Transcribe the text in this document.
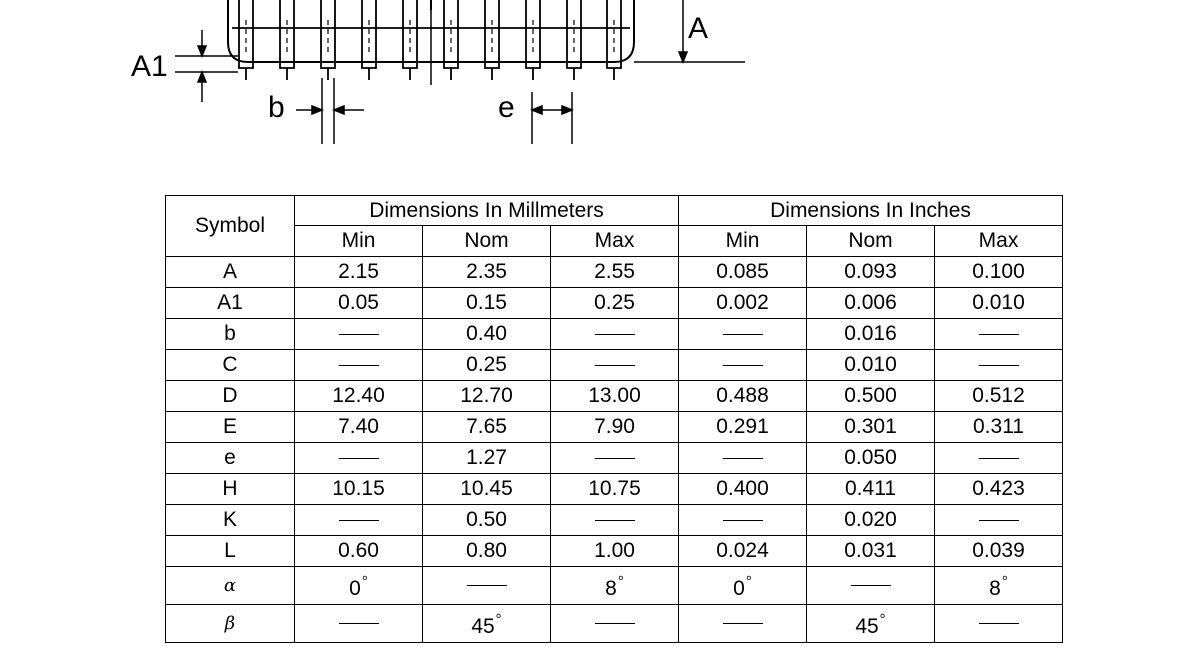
A
A1
b	e
Symbol	Dimensions In Millmeters			Dimensions In Inches		
	Min	Nom	Max	Min	Nom	Max
A	2.15	2.35	2.55	0.085	0.093	0.100
A1	0.05	0.15	0.25	0.002	0.006	0.010
b		0.40			0.016	
C		0.25			0.010	
D	12.40	12.70	13.00	0.488	0.500	0.512
E	7.40	7.65	7.90	0.291	0.301	0.311
e		1.27			0.050	
H	10.15	10.45	10.75	0.400	0.411	0.423
K		0.50			0.020	
L	0.60	0.80	1.00	0.024	0.031	0.039
α	0°		8°	0°		8°
β		45°			45°	
